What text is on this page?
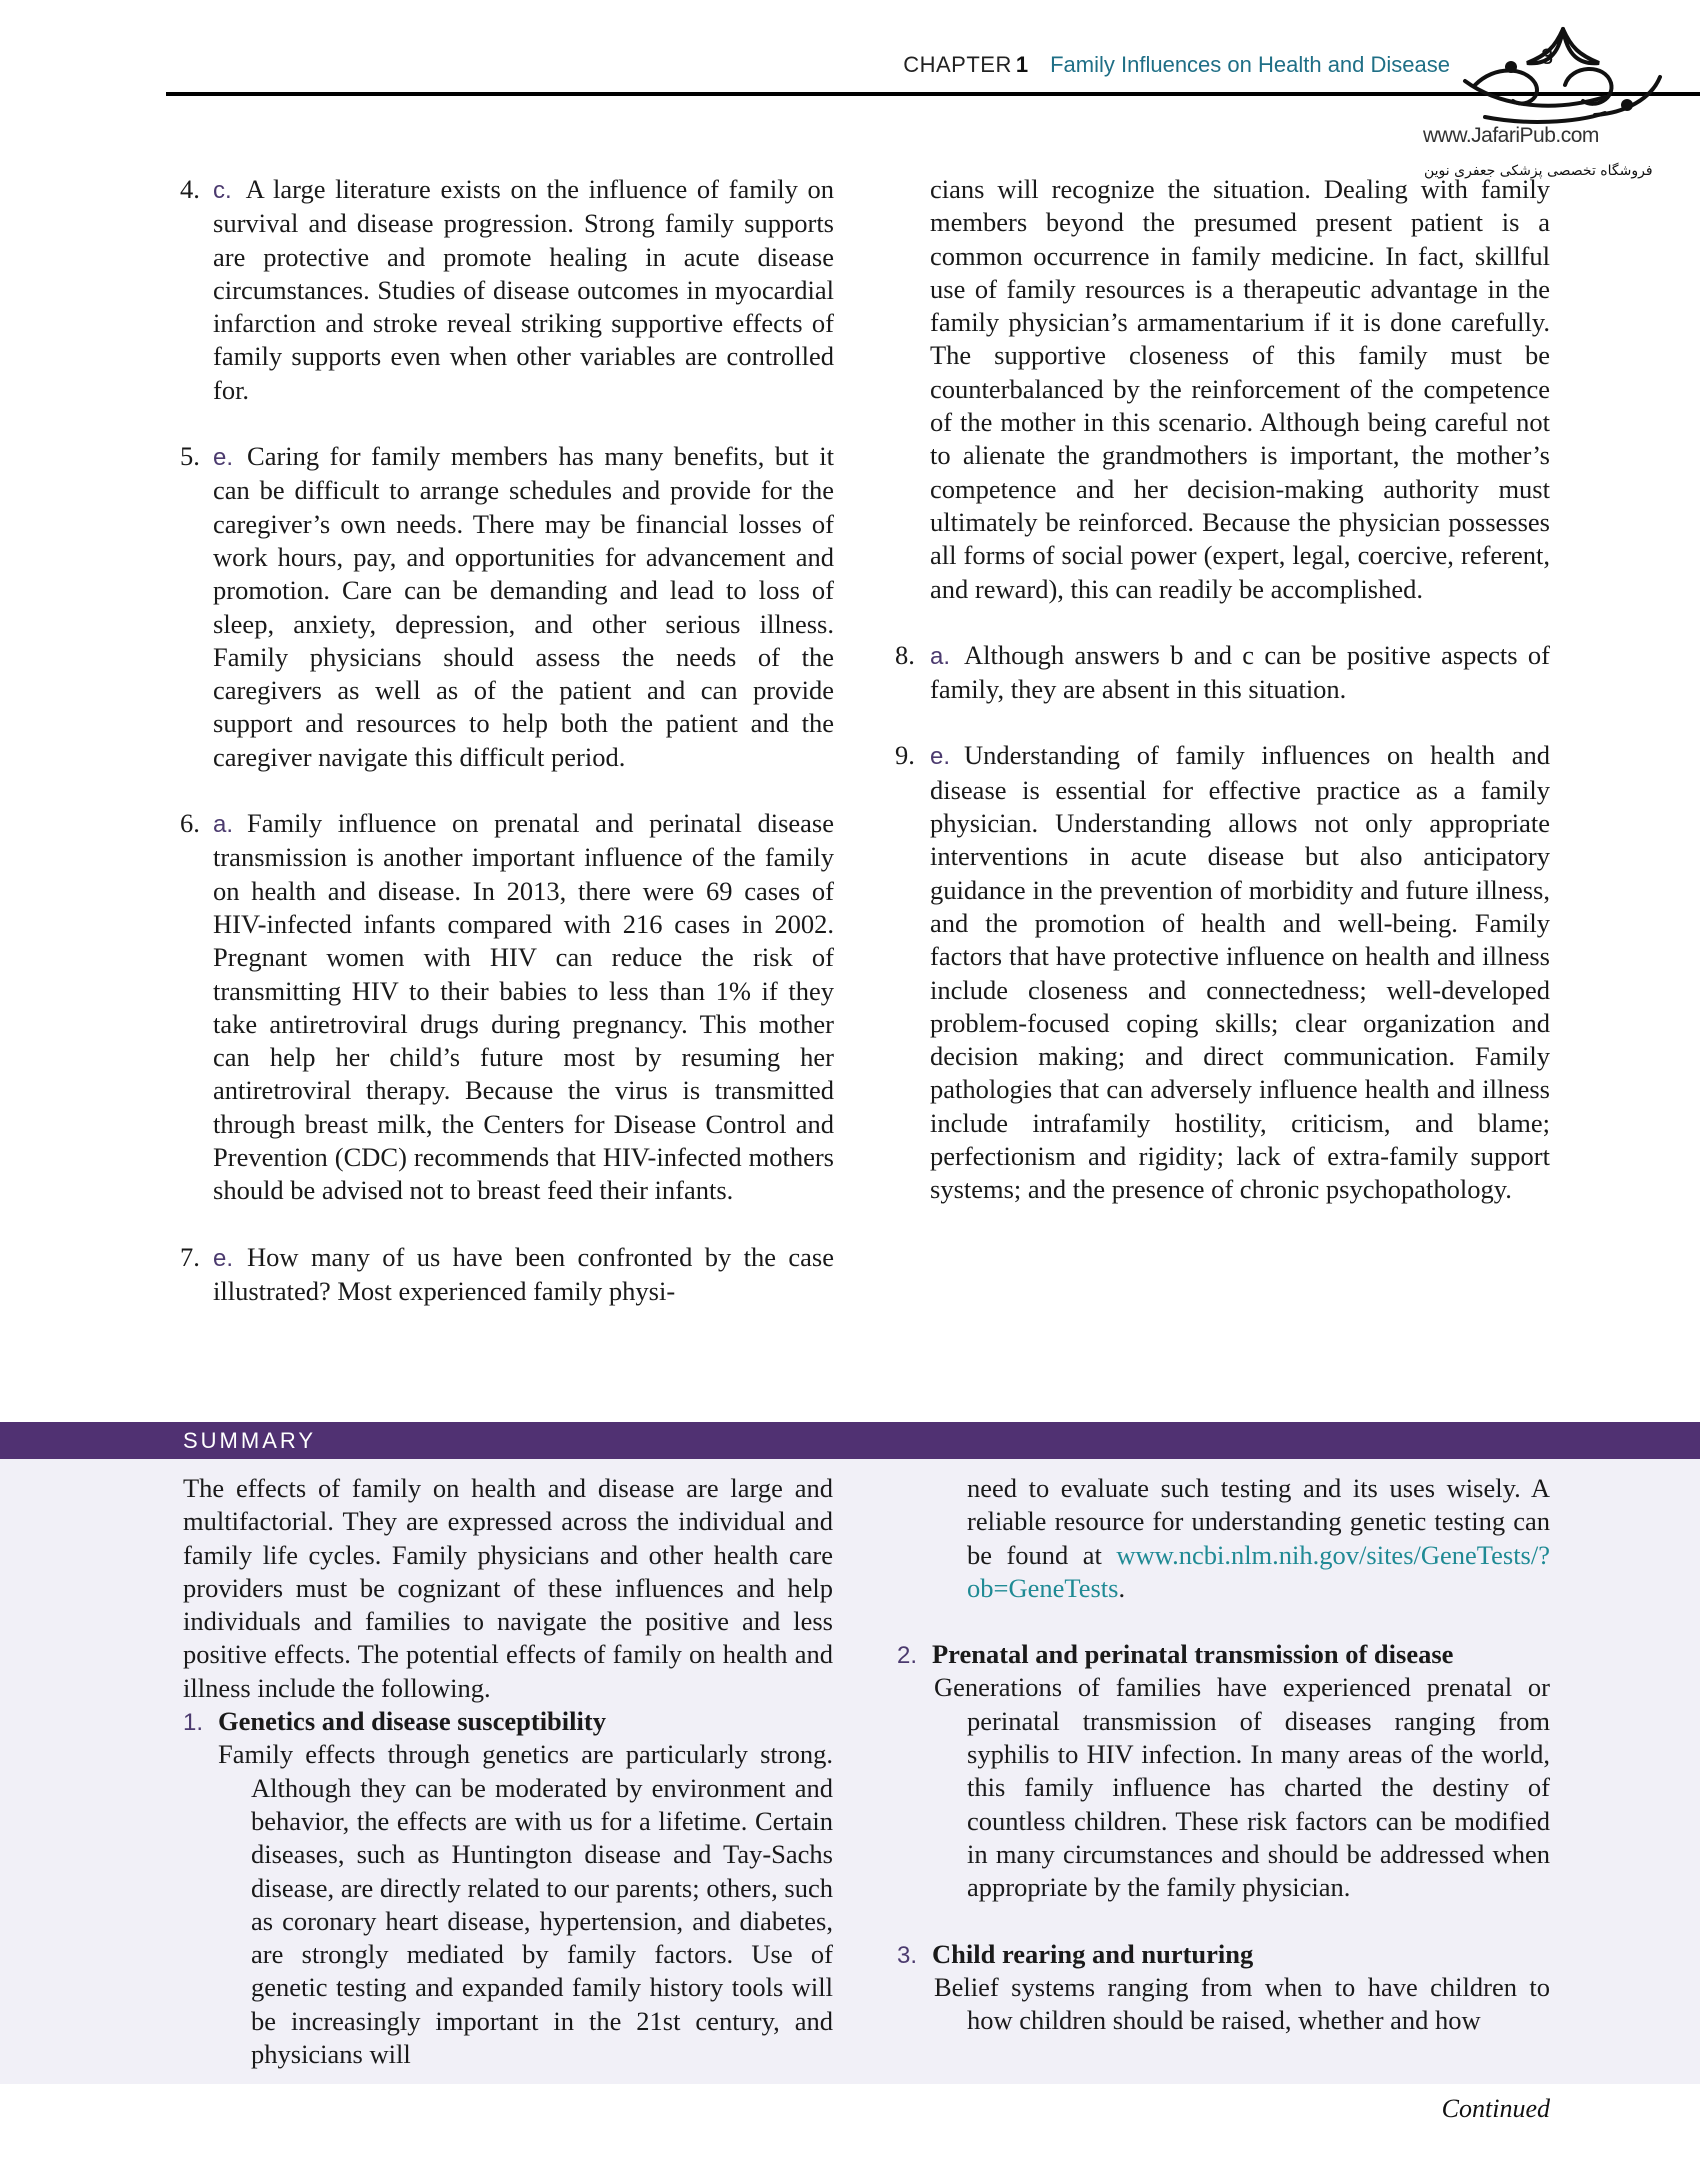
CHAPTER 1 Family Influences on Health and Disease	3
www.JafariPub.com
فروشگاه تخصصی پزشکی جعفری نوین
4. c. A large literature exists on the influence of family on survival and disease progression. Strong family supports are protective and promote healing in acute disease circumstances. Studies of disease outcomes in myocardial infarction and stroke reveal striking supportive effects of family supports even when other variables are controlled for.
5. e. Caring for family members has many benefits, but it can be difficult to arrange schedules and provide for the caregiver’s own needs. There may be financial losses of work hours, pay, and opportunities for advancement and promotion. Care can be demanding and lead to loss of sleep, anxiety, depression, and other serious illness. Family physicians should assess the needs of the caregivers as well as of the patient and can provide support and resources to help both the patient and the caregiver navigate this difficult period.
6. a. Family influence on prenatal and perinatal disease transmission is another important influence of the family on health and disease. In 2013, there were 69 cases of HIV-infected infants compared with 216 cases in 2002. Pregnant women with HIV can reduce the risk of transmitting HIV to their babies to less than 1% if they take antiretroviral drugs during pregnancy. This mother can help her child’s future most by resuming her antiretroviral therapy. Because the virus is transmitted through breast milk, the Centers for Disease Control and Prevention (CDC) recommends that HIV-infected mothers should be advised not to breast feed their infants.
7. e. How many of us have been confronted by the case illustrated? Most experienced family physi-
cians will recognize the situation. Dealing with family members beyond the presumed present patient is a common occurrence in family medicine. In fact, skillful use of family resources is a therapeutic advantage in the family physician’s armamentarium if it is done carefully. The supportive closeness of this family must be counterbalanced by the reinforcement of the competence of the mother in this scenario. Although being careful not to alienate the grandmothers is important, the mother’s competence and her decision-making authority must ultimately be reinforced. Because the physician possesses all forms of social power (expert, legal, coercive, referent, and reward), this can readily be accomplished.
8. a. Although answers b and c can be positive aspects of family, they are absent in this situation.
9. e. Understanding of family influences on health and disease is essential for effective practice as a family physician. Understanding allows not only appropriate interventions in acute disease but also anticipatory guidance in the prevention of morbidity and future illness, and the promotion of health and well-being. Family factors that have protective influence on health and illness include closeness and connectedness; well-developed problem-focused coping skills; clear organization and decision making; and direct communication. Family pathologies that can adversely influence health and illness include intrafamily hostility, criticism, and blame; perfectionism and rigidity; lack of extra-family support systems; and the presence of chronic psychopathology.
SUMMARY
The effects of family on health and disease are large and multifactorial. They are expressed across the individual and family life cycles. Family physicians and other health care providers must be cognizant of these influences and help individuals and families to navigate the positive and less positive effects. The potential effects of family on health and illness include the following.
1. Genetics and disease susceptibility
Family effects through genetics are particularly strong. Although they can be moderated by environment and behavior, the effects are with us for a lifetime. Certain diseases, such as Huntington disease and Tay-Sachs disease, are directly related to our parents; others, such as coronary heart disease, hypertension, and diabetes, are strongly mediated by family factors. Use of genetic testing and expanded family history tools will be increasingly important in the 21st century, and physicians will
need to evaluate such testing and its uses wisely. A reliable resource for understanding genetic testing can be found at www.ncbi.nlm.nih.gov/sites/GeneTests/?ob=GeneTests.
2. Prenatal and perinatal transmission of disease
Generations of families have experienced prenatal or perinatal transmission of diseases ranging from syphilis to HIV infection. In many areas of the world, this family influence has charted the destiny of countless children. These risk factors can be modified in many circumstances and should be addressed when appropriate by the family physician.
3. Child rearing and nurturing
Belief systems ranging from when to have children to how children should be raised, whether and how
Continued
